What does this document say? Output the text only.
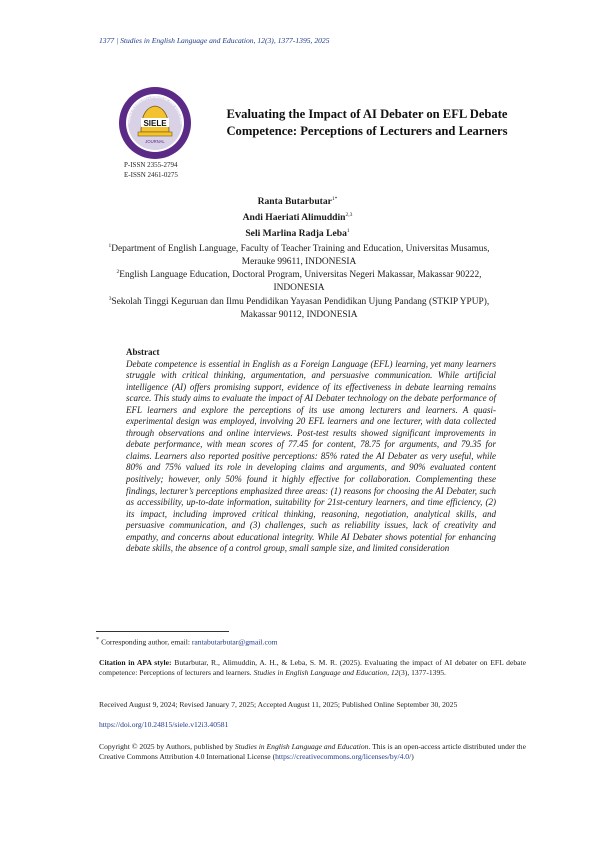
1377 | Studies in English Language and Education, 12(3), 1377-1395, 2025
SIELE
JOURNAL
TUDIES IN ENGLISH LANGUAGE AND EDUCATIO
P-ISSN 2355-2794
E-ISSN 2461-0275
Evaluating the Impact of AI Debater on EFL Debate Competence: Perceptions of Lecturers and Learners
Ranta Butarbutar$^{1*}$
Andi Haeriati Alimuddin$^{2,3}$
Seli Marlina Radja Leba$^1$
$^1$Department of English Language, Faculty of Teacher Training and Education, Universitas Musamus, Merauke 99611, INDONESIA
$^2$English Language Education, Doctoral Program, Universitas Negeri Makassar, Makassar 90222, INDONESIA
$^3$Sekolah Tinggi Keguruan dan Ilmu Pendidikan Yayasan Pendidikan Ujung Pandang (STKIP YPUP), Makassar 90112, INDONESIA
Abstract
Debate competence is essential in English as a Foreign Language (EFL) learning, yet many learners struggle with critical thinking, argumentation, and persuasive communication. While artificial intelligence (AI) offers promising support, evidence of its effectiveness in debate learning remains scarce. This study aims to evaluate the impact of AI Debater technology on the debate performance of EFL learners and explore the perceptions of its use among lecturers and learners. A quasi-experimental design was employed, involving 20 EFL learners and one lecturer, with data collected through observations and online interviews. Post-test results showed significant improvements in debate performance, with mean scores of 77.45 for content, 78.75 for arguments, and 79.35 for claims. Learners also reported positive perceptions: 85% rated the AI Debater as very useful, while 80% and 75% valued its role in developing claims and arguments, and 90% evaluated content positively; however, only 50% found it highly effective for collaboration. Complementing these findings, lecturer’s perceptions emphasized three areas: (1) reasons for choosing the AI Debater, such as accessibility, up-to-date information, suitability for 21st-century learners, and time efficiency, (2) its impact, including improved critical thinking, reasoning, negotiation, analytical skills, and persuasive communication, and (3) challenges, such as reliability issues, lack of creativity and empathy, and concerns about educational integrity. While AI Debater shows potential for enhancing debate skills, the absence of a control group, small sample size, and limited consideration
* Corresponding author, email: rantabutarbutar@gmail.com
Citation in APA style: Butarbutar, R., Alimuddin, A. H., & Leba, S. M. R. (2025). Evaluating the impact of AI debater on EFL debate competence: Perceptions of lecturers and learners. Studies in English Language and Education, 12(3), 1377-1395.
Received August 9, 2024; Revised January 7, 2025; Accepted August 11, 2025; Published Online September 30, 2025
https://doi.org/10.24815/siele.v12i3.40581
Copyright © 2025 by Authors, published by Studies in English Language and Education. This is an open-access article distributed under the Creative Commons Attribution 4.0 International License (https://creativecommons.org/licenses/by/4.0/)
